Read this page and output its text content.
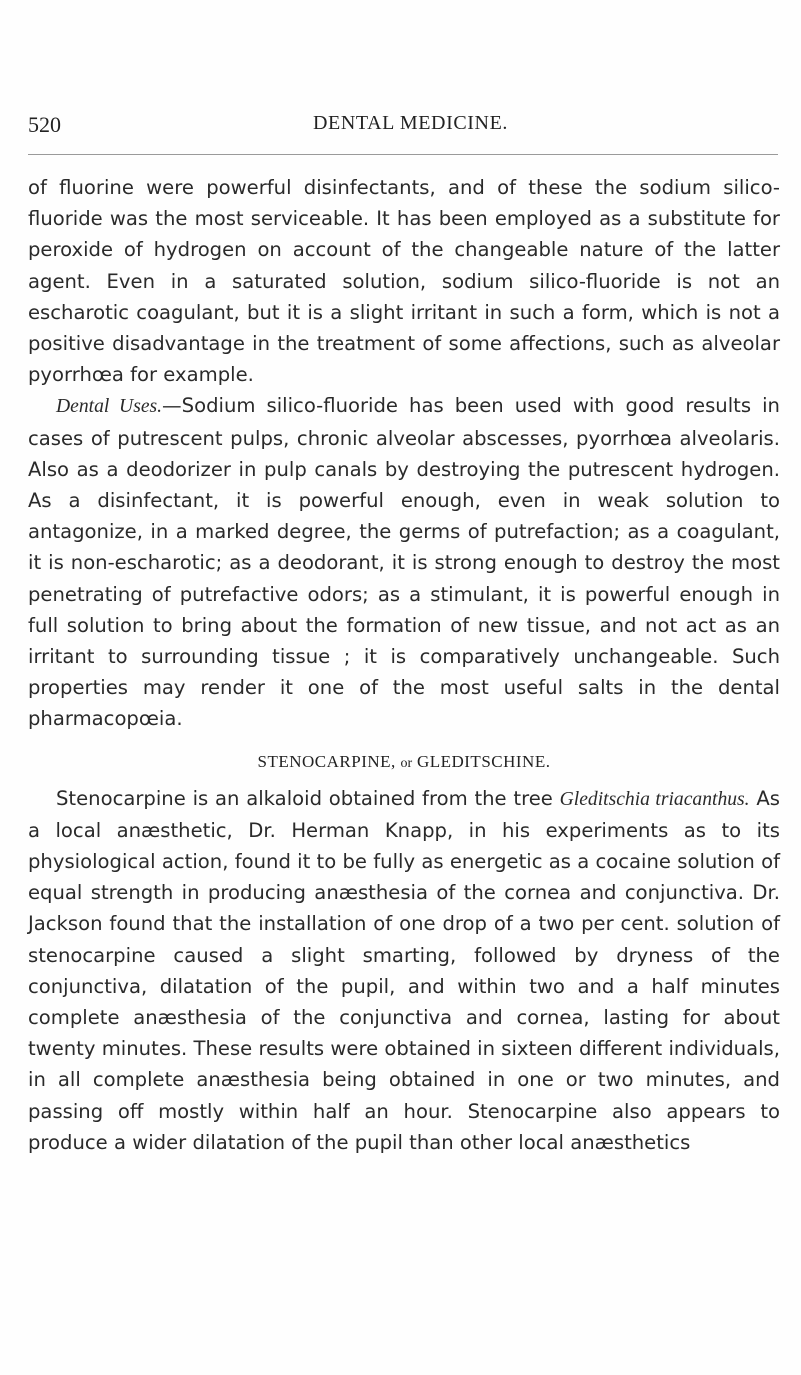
520	DENTAL MEDICINE.

of fluorine were powerful disinfectants, and of these the sodium silico-fluoride was the most serviceable. It has been employed as a substitute for peroxide of hydrogen on account of the changeable nature of the latter agent. Even in a saturated solution, sodium silico-fluoride is not an escharotic coagulant, but it is a slight irritant in such a form, which is not a positive disadvantage in the treatment of some affections, such as alveolar pyorrhœa for example.

Dental Uses.—Sodium silico-fluoride has been used with good results in cases of putrescent pulps, chronic alveolar abscesses, pyorrhœa alveolaris. Also as a deodorizer in pulp canals by destroying the putrescent hydrogen. As a disinfectant, it is powerful enough, even in weak solution to antagonize, in a marked degree, the germs of putrefaction; as a coagulant, it is non-escharotic; as a deodorant, it is strong enough to destroy the most penetrating of putrefactive odors; as a stimulant, it is powerful enough in full solution to bring about the formation of new tissue, and not act as an irritant to surrounding tissue ; it is comparatively unchangeable. Such properties may render it one of the most useful salts in the dental pharmacopœia.

STENOCARPINE, or GLEDITSCHINE.

Stenocarpine is an alkaloid obtained from the tree Gleditschia triacanthus. As a local anæsthetic, Dr. Herman Knapp, in his experiments as to its physiological action, found it to be fully as energetic as a cocaine solution of equal strength in producing anæsthesia of the cornea and conjunctiva. Dr. Jackson found that the installation of one drop of a two per cent. solution of stenocarpine caused a slight smarting, followed by dryness of the conjunctiva, dilatation of the pupil, and within two and a half minutes complete anæsthesia of the conjunctiva and cornea, lasting for about twenty minutes. These results were obtained in sixteen different individuals, in all complete anæsthesia being obtained in one or two minutes, and passing off mostly within half an hour. Stenocarpine also appears to produce a wider dilatation of the pupil than other local anæsthetics
